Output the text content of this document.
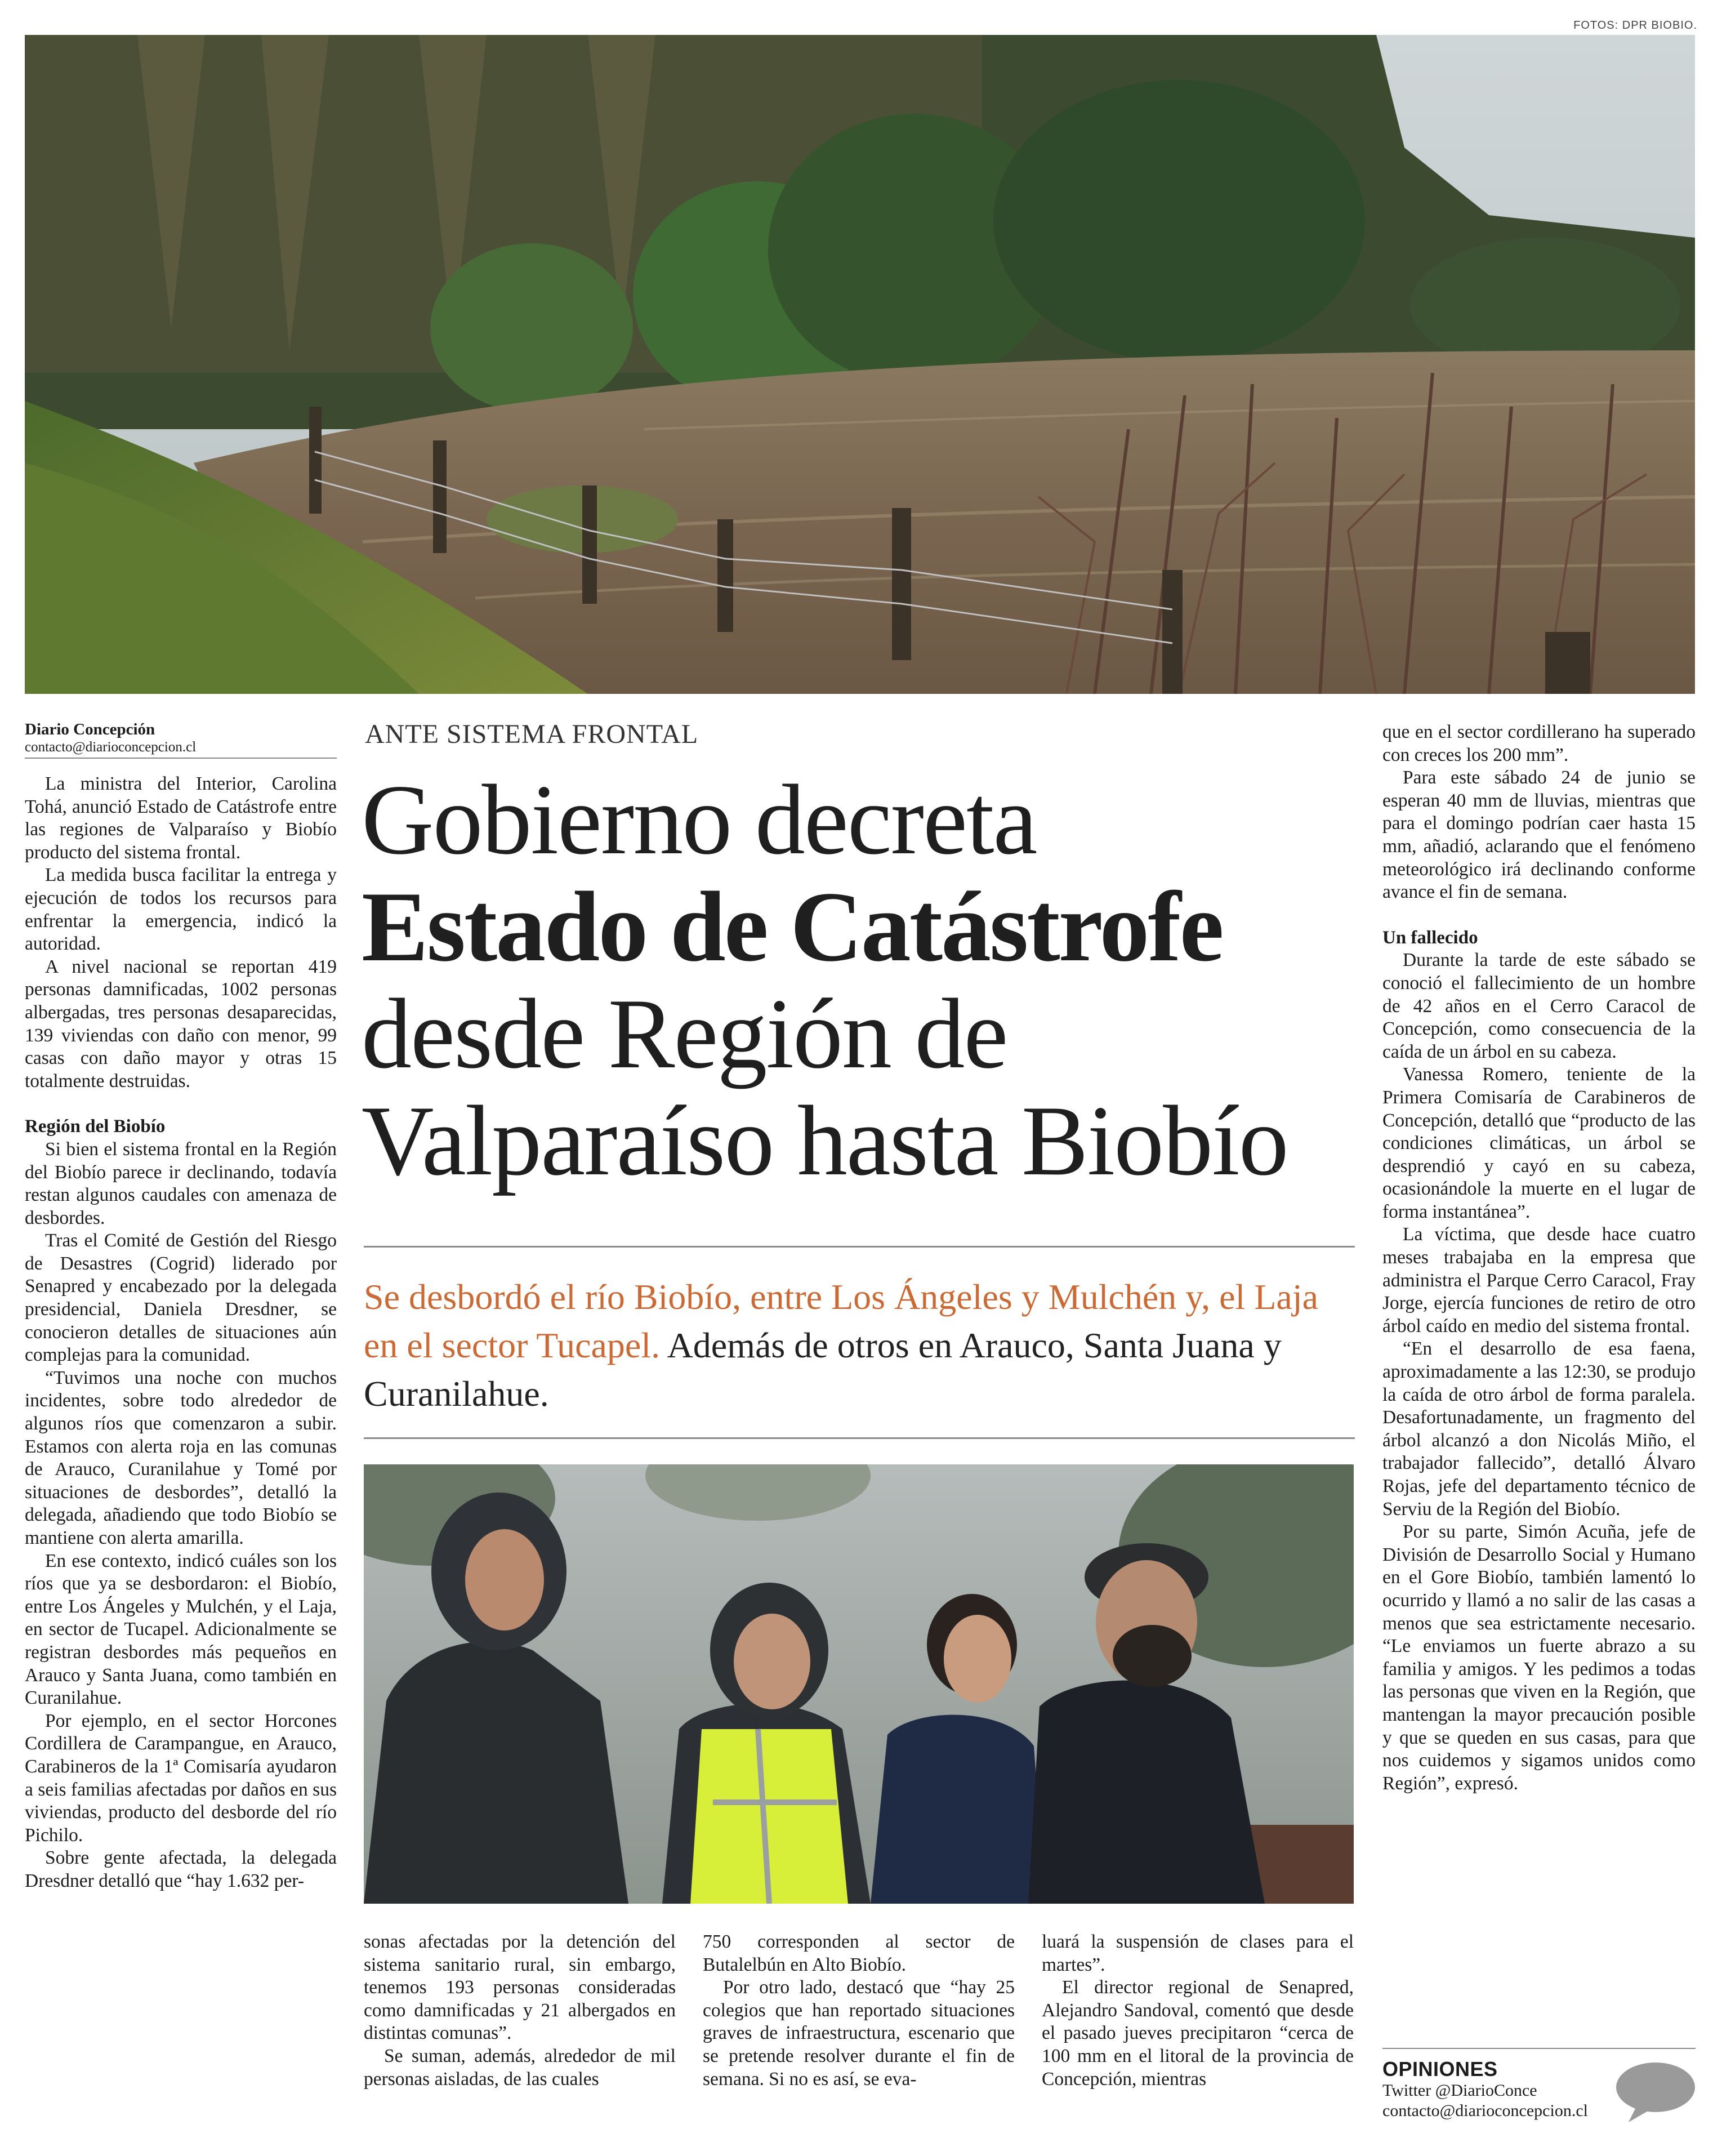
FOTOS: DPR BIOBIO.
Diario Concepción
contacto@diarioconcepcion.cl

La ministra del Interior, Carolina Tohá, anunció Estado de Catástrofe entre las regiones de Valparaíso y Biobío producto del sistema frontal.

La medida busca facilitar la entrega y ejecución de todos los recursos para enfrentar la emergencia, indicó la autoridad.

A nivel nacional se reportan 419 personas damnificadas, 1002 personas albergadas, tres personas desaparecidas, 139 viviendas con daño con menor, 99 casas con daño mayor y otras 15 totalmente destruidas.

Región del Biobío

Si bien el sistema frontal en la Región del Biobío parece ir declinando, todavía restan algunos caudales con amenaza de desbordes.

Tras el Comité de Gestión del Riesgo de Desastres (Cogrid) liderado por Senapred y encabezado por la delegada presidencial, Daniela Dresdner, se conocieron detalles de situaciones aún complejas para la comunidad.

“Tuvimos una noche con muchos incidentes, sobre todo alrededor de algunos ríos que comenzaron a subir. Estamos con alerta roja en las comunas de Arauco, Curanilahue y Tomé por situaciones de desbordes”, detalló la delegada, añadiendo que todo Biobío se mantiene con alerta amarilla.

En ese contexto, indicó cuáles son los ríos que ya se desbordaron: el Biobío, entre Los Ángeles y Mulchén, y el Laja, en sector de Tucapel. Adicionalmente se registran desbordes más pequeños en Arauco y Santa Juana, como también en Curanilahue.

Por ejemplo, en el sector Horcones Cordillera de Carampangue, en Arauco, Carabineros de la 1ª Comisaría ayudaron a seis familias afectadas por daños en sus viviendas, producto del desborde del río Pichilo.

Sobre gente afectada, la delegada Dresdner detalló que “hay 1.632 per-

ANTE SISTEMA FRONTAL
Gobierno decreta
Estado de Catástrofe
desde Región de
Valparaíso hasta Biobío
Se desbordó el río Biobío, entre Los Ángeles y Mulchén y, el Laja en el sector Tucapel. Además de otros en Arauco, Santa Juana y Curanilahue.

sonas afectadas por la detención del sistema sanitario rural, sin embargo, tenemos 193 personas consideradas como damnificadas y 21 albergados en distintas comunas”.

Se suman, además, alrededor de mil personas aisladas, de las cuales

750 corresponden al sector de Butalelbún en Alto Biobío.

Por otro lado, destacó que “hay 25 colegios que han reportado situaciones graves de infraestructura, escenario que se pretende resolver durante el fin de semana. Si no es así, se eva-

luará la suspensión de clases para el martes”.

El director regional de Senapred, Alejandro Sandoval, comentó que desde el pasado jueves precipitaron “cerca de 100 mm en el litoral de la provincia de Concepción, mientras

que en el sector cordillerano ha superado con creces los 200 mm”.

Para este sábado 24 de junio se esperan 40 mm de lluvias, mientras que para el domingo podrían caer hasta 15 mm, añadió, aclarando que el fenómeno meteorológico irá declinando conforme avance el fin de semana.

Un fallecido

Durante la tarde de este sábado se conoció el fallecimiento de un hombre de 42 años en el Cerro Caracol de Concepción, como consecuencia de la caída de un árbol en su cabeza.

Vanessa Romero, teniente de la Primera Comisaría de Carabineros de Concepción, detalló que “producto de las condiciones climáticas, un árbol se desprendió y cayó en su cabeza, ocasionándole la muerte en el lugar de forma instantánea”.

La víctima, que desde hace cuatro meses trabajaba en la empresa que administra el Parque Cerro Caracol, Fray Jorge, ejercía funciones de retiro de otro árbol caído en medio del sistema frontal.

“En el desarrollo de esa faena, aproximadamente a las 12:30, se produjo la caída de otro árbol de forma paralela. Desafortunadamente, un fragmento del árbol alcanzó a don Nicolás Miño, el trabajador fallecido”, detalló Álvaro Rojas, jefe del departamento técnico de Serviu de la Región del Biobío.

Por su parte, Simón Acuña, jefe de División de Desarrollo Social y Humano en el Gore Biobío, también lamentó lo ocurrido y llamó a no salir de las casas a menos que sea estrictamente necesario. “Le enviamos un fuerte abrazo a su familia y amigos. Y les pedimos a todas las personas que viven en la Región, que mantengan la mayor precaución posible y que se queden en sus casas, para que nos cuidemos y sigamos unidos como Región”, expresó.

OPINIONES
Twitter @DiarioConce
contacto@diarioconcepcion.cl
